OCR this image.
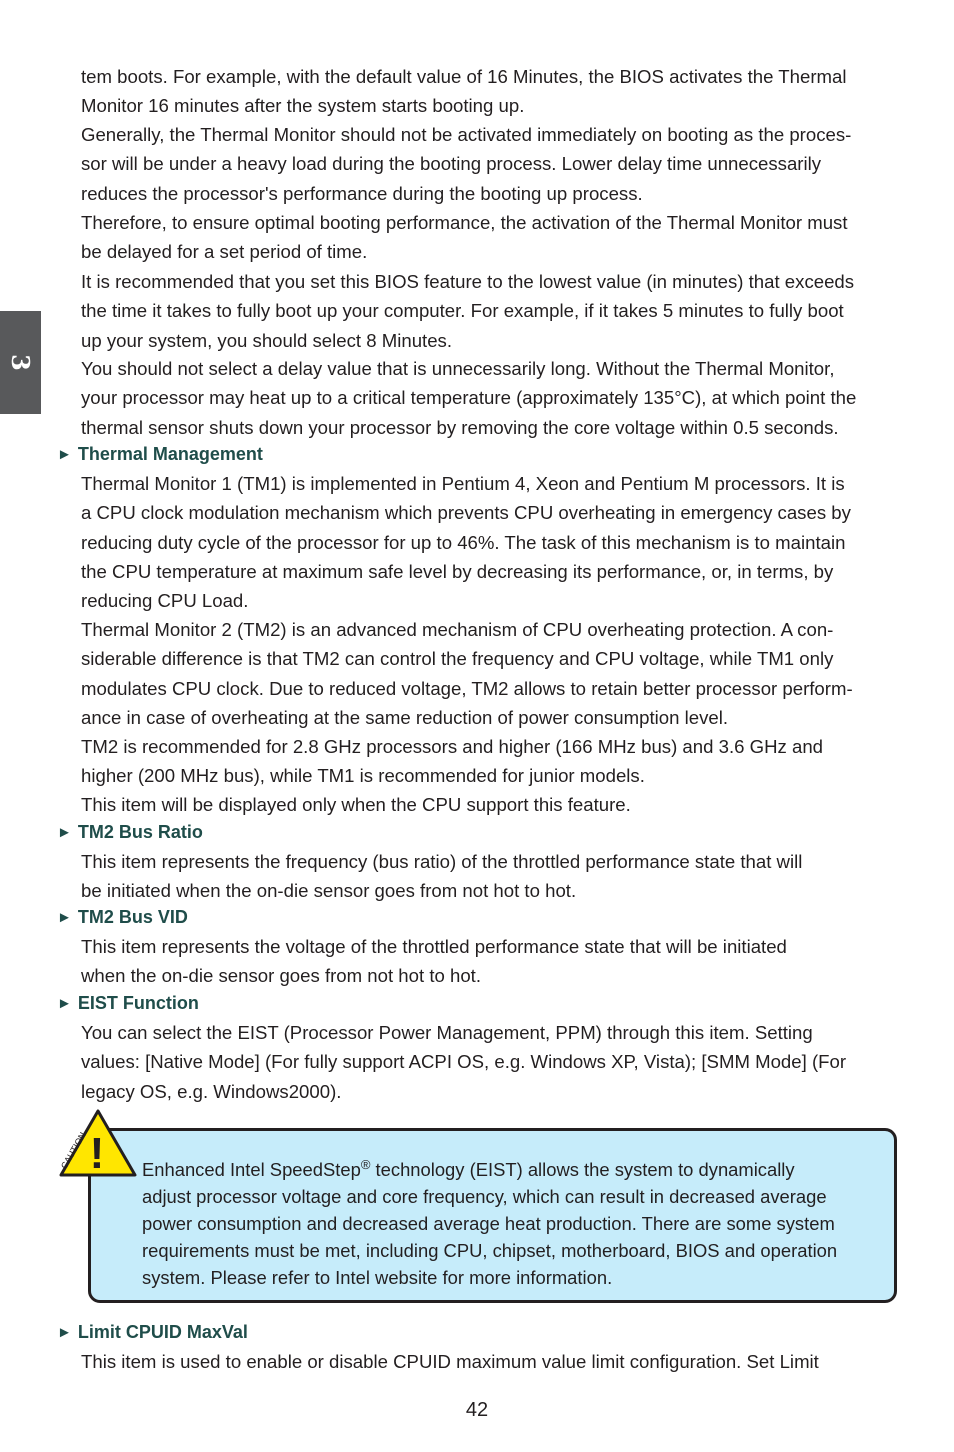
3

tem boots. For example, with the default value of 16 Minutes, the BIOS activates the Thermal
Monitor 16 minutes after the system starts booting up.

Generally, the Thermal Monitor should not be activated immediately on booting as the proces-
sor will be under a heavy load during the booting process. Lower delay time unnecessarily
reduces the processor's performance during the booting up process.

Therefore, to ensure optimal booting performance, the activation of the Thermal Monitor must
be delayed for a set period of time.

It is recommended that you set this BIOS feature to the lowest value (in minutes) that exceeds
the time it takes to fully boot up your computer. For example, if it takes 5 minutes to fully boot
up your system, you should select 8 Minutes.

You should not select a delay value that is unnecessarily long. Without the Thermal Monitor,
your processor may heat up to a critical temperature (approximately 135°C), at which point the
thermal sensor shuts down your processor by removing the core voltage within 0.5 seconds.

► Thermal Management

Thermal Monitor 1 (TM1) is implemented in Pentium 4, Xeon and Pentium M processors. It is
a CPU clock modulation mechanism which prevents CPU overheating in emergency cases by
reducing duty cycle of the processor for up to 46%. The task of this mechanism is to maintain
the CPU temperature at maximum safe level by decreasing its performance, or, in terms, by
reducing CPU Load.

Thermal Monitor 2 (TM2) is an advanced mechanism of CPU overheating protection. A con-
siderable difference is that TM2 can control the frequency and CPU voltage, while TM1 only
modulates CPU clock. Due to reduced voltage, TM2 allows to retain better processor perform-
ance in case of overheating at the same reduction of power consumption level.

TM2 is recommended for 2.8 GHz processors and higher (166 MHz bus) and 3.6 GHz and
higher (200 MHz bus), while TM1 is recommended for junior models.

This item will be displayed only when the CPU support this feature.

► TM2 Bus Ratio

This item represents the frequency (bus ratio) of the throttled performance state that will
be initiated when the on-die sensor goes from not hot to hot.

► TM2 Bus VID

This item represents the voltage of the throttled performance state that will be initiated
when the on-die sensor goes from not hot to hot.

► EIST Function

You can select the EIST (Processor Power Management, PPM) through this item. Setting
values: [Native Mode] (For fully support ACPI OS, e.g. Windows XP, Vista); [SMM Mode] (For
legacy OS, e.g. Windows2000).

!
CAUTION	Enhanced Intel SpeedStep® technology (EIST) allows the system to dynamically
adjust processor voltage and core frequency, which can result in decreased average
power consumption and decreased average heat production. There are some system
requirements must be met, including CPU, chipset, motherboard, BIOS and operation
system. Please refer to Intel website for more information.

► Limit CPUID MaxVal

This item is used to enable or disable CPUID maximum value limit configuration. Set Limit

42
